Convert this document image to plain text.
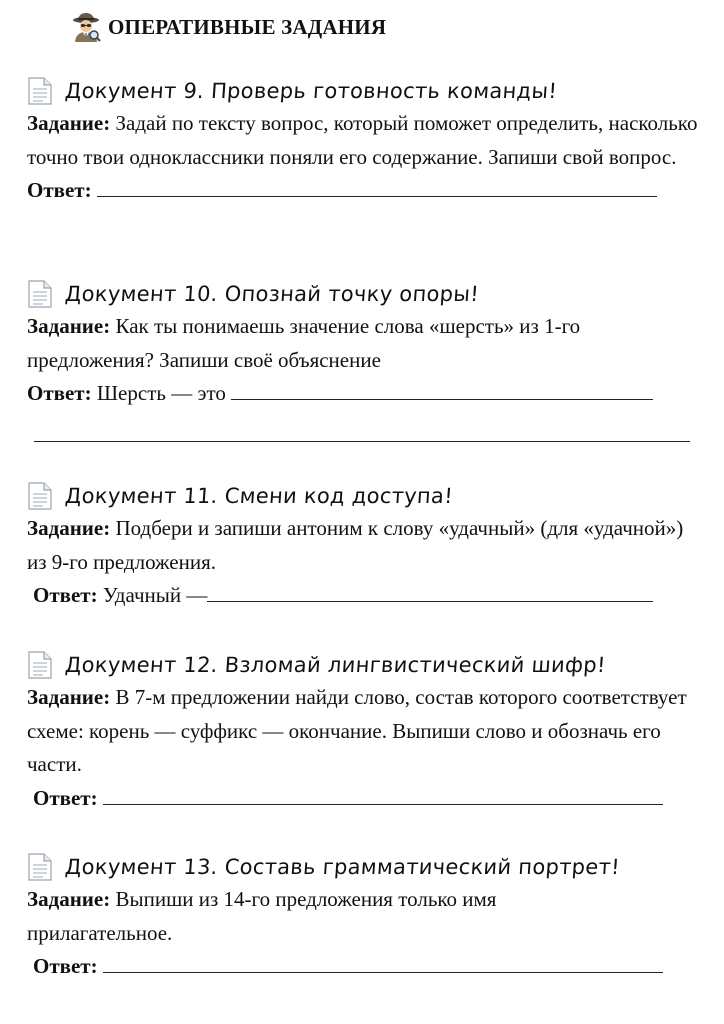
ОПЕРАТИВНЫЕ ЗАДАНИЯ
Документ 9. Проверь готовность команды!
Задание: Задай по тексту вопрос, который поможет определить, насколько точно твои одноклассники поняли его содержание. Запиши свой вопрос.
Ответ:
Документ 10. Опознай точку опоры!
Задание: Как ты понимаешь значение слова «шерсть» из 1-го предложения? Запиши своё объяснение
Ответ: Шерсть — это
Документ 11. Смени код доступа!
Задание: Подбери и запиши антоним к слову «удачный» (для «удачной») из 9-го предложения.
Ответ: Удачный —
Документ 12. Взломай лингвистический шифр!
Задание: В 7-м предложении найди слово, состав которого соответствует схеме: корень — суффикс — окончание. Выпиши слово и обозначь его части.
Ответ:
Документ 13. Составь грамматический портрет!
Задание: Выпиши из 14-го предложения только имя прилагательное.
Ответ:
